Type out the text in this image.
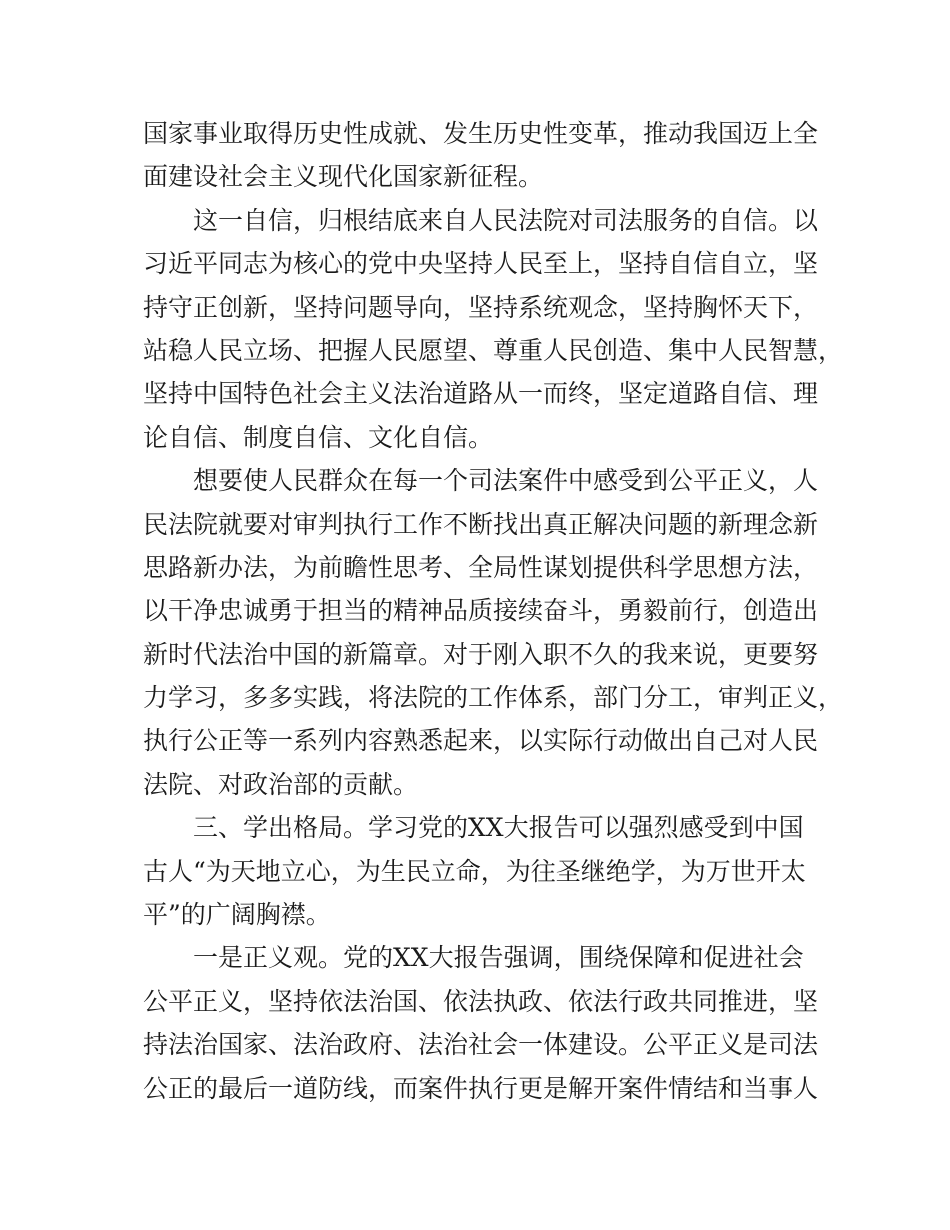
国家事业取得历史性成就、发生历史性变革，推动我国迈上全
面建设社会主义现代化国家新征程。
这一自信，归根结底来自人民法院对司法服务的自信。以
习近平同志为核心的党中央坚持人民至上，坚持自信自立，坚
持守正创新，坚持问题导向，坚持系统观念，坚持胸怀天下，
站稳人民立场、把握人民愿望、尊重人民创造、集中人民智慧，
坚持中国特色社会主义法治道路从一而终，坚定道路自信、理
论自信、制度自信、文化自信。
想要使人民群众在每一个司法案件中感受到公平正义，人
民法院就要对审判执行工作不断找出真正解决问题的新理念新
思路新办法，为前瞻性思考、全局性谋划提供科学思想方法，
以干净忠诚勇于担当的精神品质接续奋斗，勇毅前行，创造出
新时代法治中国的新篇章。对于刚入职不久的我来说，更要努
力学习，多多实践，将法院的工作体系，部门分工，审判正义，
执行公正等一系列内容熟悉起来，以实际行动做出自己对人民
法院、对政治部的贡献。
三、学出格局。学习党的XX大报告可以强烈感受到中国
古人“为天地立心，为生民立命，为往圣继绝学，为万世开太
平”的广阔胸襟。
一是正义观。党的XX大报告强调，围绕保障和促进社会
公平正义，坚持依法治国、依法执政、依法行政共同推进，坚
持法治国家、法治政府、法治社会一体建设。公平正义是司法
公正的最后一道防线，而案件执行更是解开案件情结和当事人
